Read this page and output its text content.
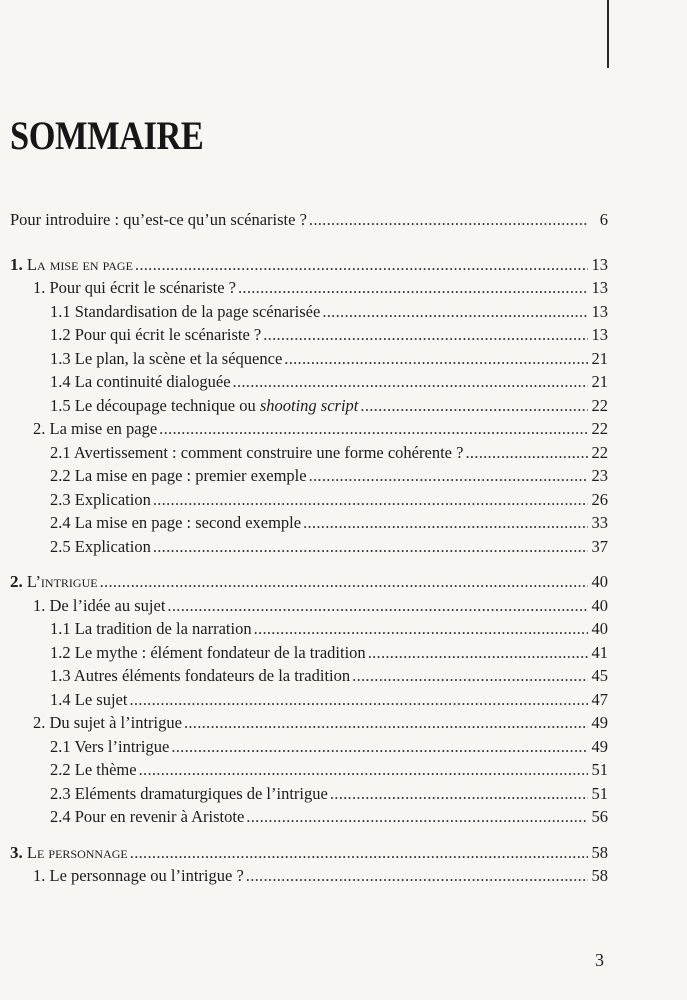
SOMMAIRE
Pour introduire : qu’est-ce qu’un scénariste ? .....	6
1. La mise en page .....	13
1. Pour qui écrit le scénariste ? .....	13
1.1 Standardisation de la page scénarisée .....	13
1.2 Pour qui écrit le scénariste ? .....	13
1.3 Le plan, la scène et la séquence .....	21
1.4 La continuité dialoguée .....	21
1.5 Le découpage technique ou shooting script .....	22
2. La mise en page .....	22
2.1 Avertissement : comment construire une forme cohérente ? .....	22
2.2 La mise en page : premier exemple .....	23
2.3 Explication .....	26
2.4 La mise en page : second exemple .....	33
2.5 Explication .....	37
2. L’intrigue .....	40
1. De l’idée au sujet .....	40
1.1 La tradition de la narration .....	40
1.2 Le mythe : élément fondateur de la tradition .....	41
1.3 Autres éléments fondateurs de la tradition .....	45
1.4 Le sujet .....	47
2. Du sujet à l’intrigue .....	49
2.1 Vers l’intrigue .....	49
2.2 Le thème .....	51
2.3 Eléments dramaturgiques de l’intrigue .....	51
2.4 Pour en revenir à Aristote .....	56
3. Le personnage .....	58
1. Le personnage ou l’intrigue ? .....	58
3
